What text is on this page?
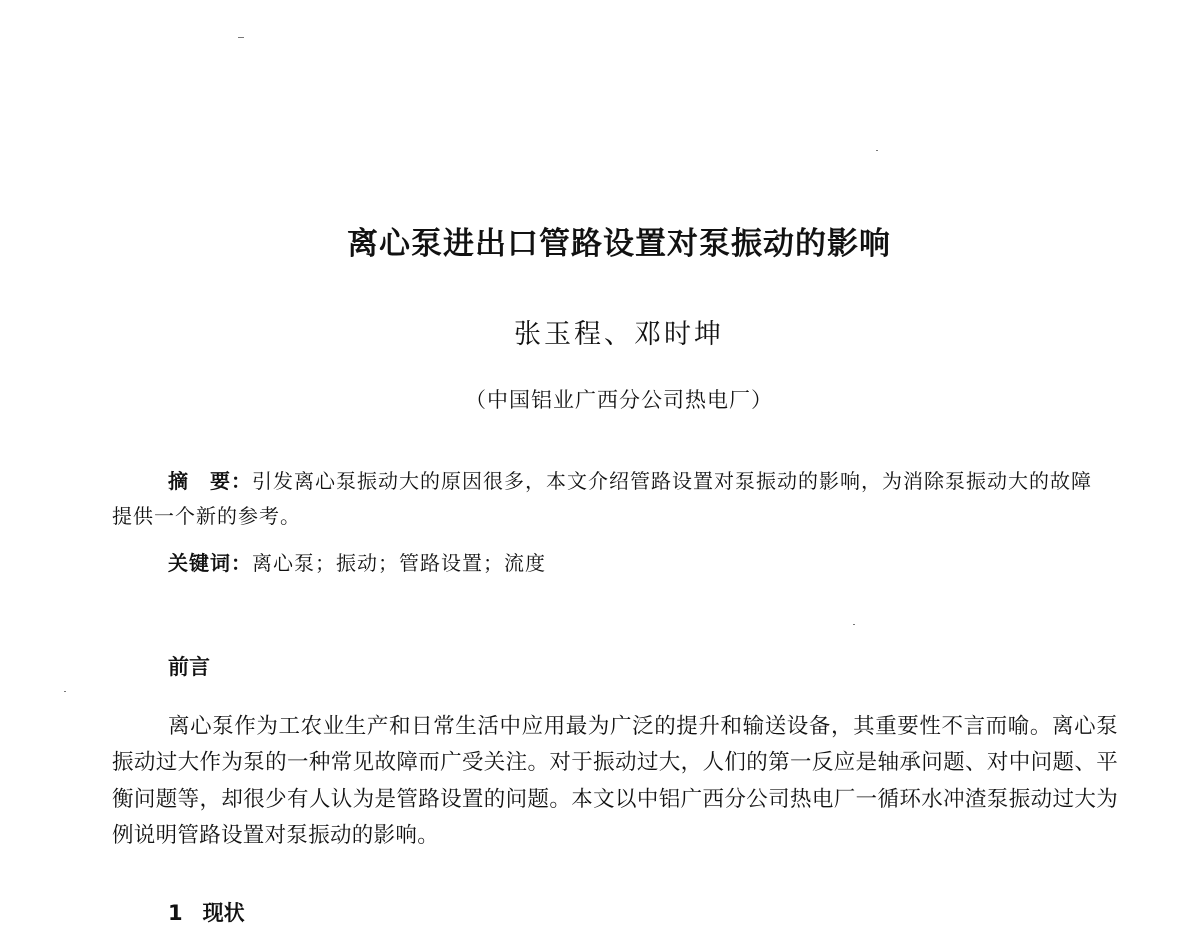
离心泵进出口管路设置对泵振动的影响
张玉程、邓时坤
（中国铝业广西分公司热电厂）
摘　要：引发离心泵振动大的原因很多，本文介绍管路设置对泵振动的影响，为消除泵振动大的故障提供一个新的参考。
关键词：离心泵；振动；管路设置；流度
前言

离心泵作为工农业生产和日常生活中应用最为广泛的提升和输送设备，其重要性不言而喻。离心泵振动过大作为泵的一种常见故障而广受关注。对于振动过大，人们的第一反应是轴承问题、对中问题、平衡问题等，却很少有人认为是管路设置的问题。本文以中铝广西分公司热电厂一循环水冲渣泵振动过大为例说明管路设置对泵振动的影响。

1 现状
